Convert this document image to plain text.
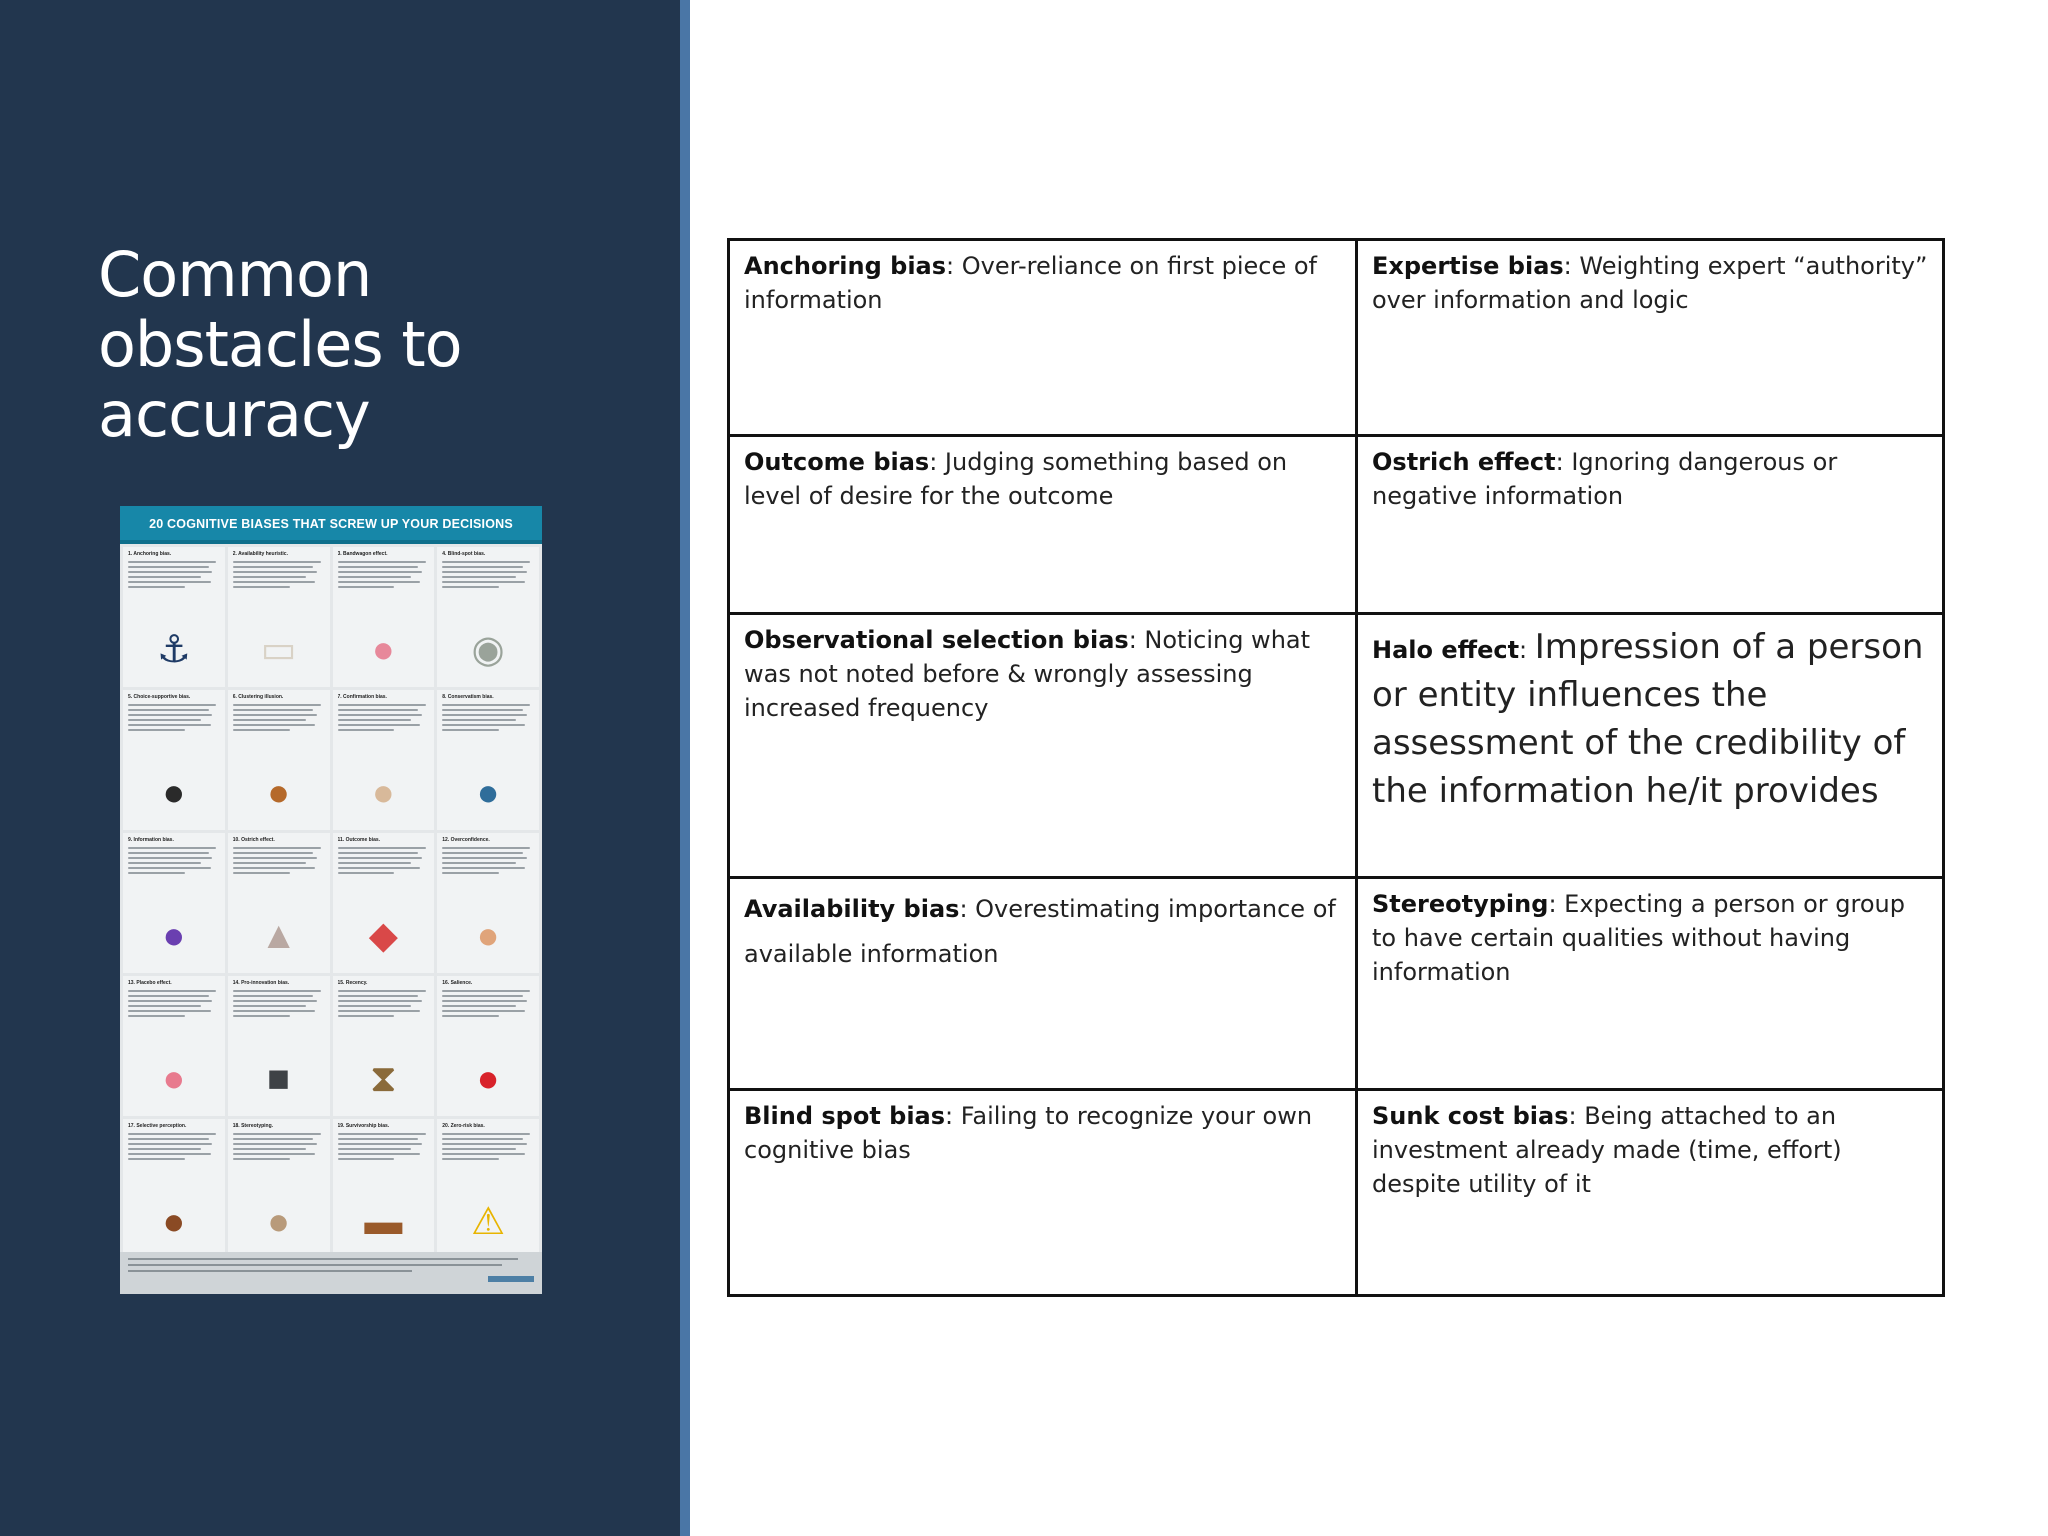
Common obstacles to accuracy
20 COGNITIVE BIASES THAT SCREW UP YOUR DECISIONS
1. Anchoring bias.
⚓
2. Availability heuristic.
▭
3. Bandwagon effect.
●
4. Blind-spot bias.
◉
5. Choice-supportive bias.
●
6. Clustering illusion.
●
7. Confirmation bias.
●
8. Conservatism bias.
●
9. Information bias.
●
10. Ostrich effect.
▲
11. Outcome bias.
◆
12. Overconfidence.
●
13. Placebo effect.
●
14. Pro-innovation bias.
■
15. Recency.
⧗
16. Salience.
●
17. Selective perception.
●
18. Stereotyping.
●
19. Survivorship bias.
▬
20. Zero-risk bias.
⚠
Anchoring bias: Over-reliance on first piece of information	Expertise bias: Weighting expert “authority” over information and logic
Outcome bias: Judging something based on level of desire for the outcome	Ostrich effect: Ignoring dangerous or negative information
Observational selection bias: Noticing what was not noted before & wrongly assessing increased frequency	Halo effect: Impression of a person or entity influences the assessment of the credibility of the information he/it provides
Availability bias: Overestimating importance of available information	Stereotyping: Expecting a person or group to have certain qualities without having information
Blind spot bias: Failing to recognize your own cognitive bias	Sunk cost bias: Being attached to an investment already made (time, effort) despite utility of it
